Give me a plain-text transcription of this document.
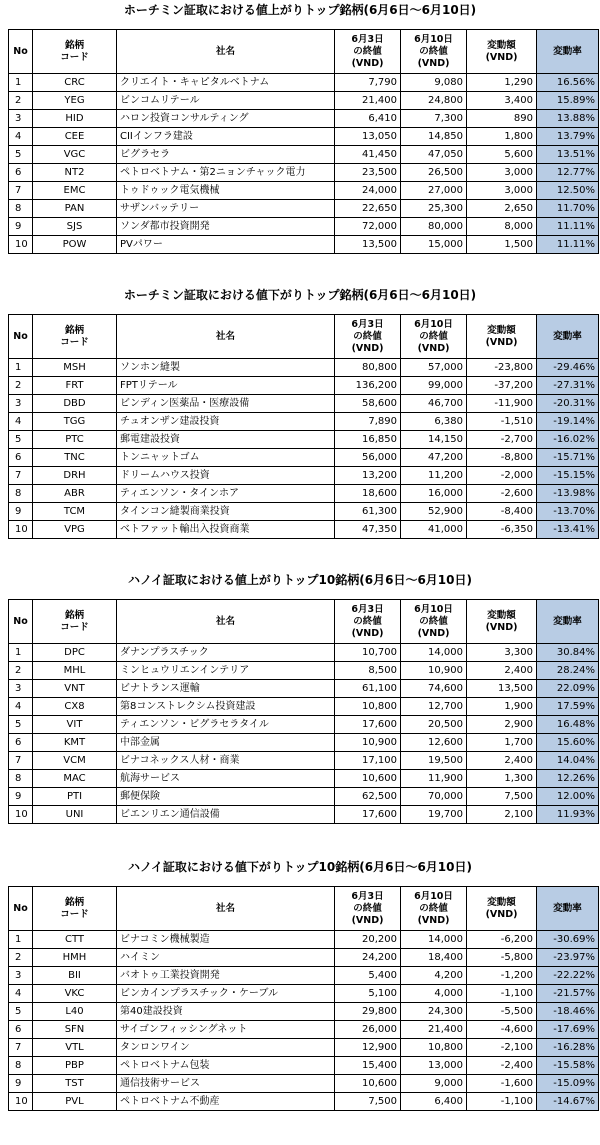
ホーチミン証取における値上がりトップ銘柄(6月6日～6月10日)
No	銘柄
コード	社名	6月3日
の終値
(VND)	6月10日
の終値
(VND)	変動額
(VND)	変動率
1	CRC	クリエイト・キャピタルベトナム	7,790	9,080	1,290	16.56%
2	YEG	ビンコムリテール	21,400	24,800	3,400	15.89%
3	HID	ハロン投資コンサルティング	6,410	7,300	890	13.88%
4	CEE	CIIインフラ建設	13,050	14,850	1,800	13.79%
5	VGC	ビグラセラ	41,450	47,050	5,600	13.51%
6	NT2	ペトロベトナム・第2ニョンチャック電力	23,500	26,500	3,000	12.77%
7	EMC	トゥドゥック電気機械	24,000	27,000	3,000	12.50%
8	PAN	サザンバッテリー	22,650	25,300	2,650	11.70%
9	SJS	ソンダ都市投資開発	72,000	80,000	8,000	11.11%
10	POW	PVパワー	13,500	15,000	1,500	11.11%
ホーチミン証取における値下がりトップ銘柄(6月6日～6月10日)
No	銘柄
コード	社名	6月3日
の終値
(VND)	6月10日
の終値
(VND)	変動額
(VND)	変動率
1	MSH	ソンホン縫製	80,800	57,000	-23,800	-29.46%
2	FRT	FPTリテール	136,200	99,000	-37,200	-27.31%
3	DBD	ビンディン医薬品・医療設備	58,600	46,700	-11,900	-20.31%
4	TGG	チュオンザン建設投資	7,890	6,380	-1,510	-19.14%
5	PTC	郵電建設投資	16,850	14,150	-2,700	-16.02%
6	TNC	トンニャットゴム	56,000	47,200	-8,800	-15.71%
7	DRH	ドリームハウス投資	13,200	11,200	-2,000	-15.15%
8	ABR	ティエンソン・タインホア	18,600	16,000	-2,600	-13.98%
9	TCM	タインコン縫製商業投資	61,300	52,900	-8,400	-13.70%
10	VPG	ベトファット輸出入投資商業	47,350	41,000	-6,350	-13.41%
ハノイ証取における値上がりトップ10銘柄(6月6日～6月10日)
No	銘柄
コード	社名	6月3日
の終値
(VND)	6月10日
の終値
(VND)	変動額
(VND)	変動率
1	DPC	ダナンプラスチック	10,700	14,000	3,300	30.84%
2	MHL	ミンヒュウリエンインテリア	8,500	10,900	2,400	28.24%
3	VNT	ビナトランス運輸	61,100	74,600	13,500	22.09%
4	CX8	第8コンストレクシム投資建設	10,800	12,700	1,900	17.59%
5	VIT	ティエンソン・ビグラセラタイル	17,600	20,500	2,900	16.48%
6	KMT	中部金属	10,900	12,600	1,700	15.60%
7	VCM	ビナコネックス人材・商業	17,100	19,500	2,400	14.04%
8	MAC	航海サービス	10,600	11,900	1,300	12.26%
9	PTI	郵便保険	62,500	70,000	7,500	12.00%
10	UNI	ビエンリエン通信設備	17,600	19,700	2,100	11.93%
ハノイ証取における値下がりトップ10銘柄(6月6日～6月10日)
No	銘柄
コード	社名	6月3日
の終値
(VND)	6月10日
の終値
(VND)	変動額
(VND)	変動率
1	CTT	ビナコミン機械製造	20,200	14,000	-6,200	-30.69%
2	HMH	ハイミン	24,200	18,400	-5,800	-23.97%
3	BII	バオトゥ工業投資開発	5,400	4,200	-1,200	-22.22%
4	VKC	ビンカインプラスチック・ケーブル	5,100	4,000	-1,100	-21.57%
5	L40	第40建設投資	29,800	24,300	-5,500	-18.46%
6	SFN	サイゴンフィッシングネット	26,000	21,400	-4,600	-17.69%
7	VTL	タンロンワイン	12,900	10,800	-2,100	-16.28%
8	PBP	ペトロベトナム包装	15,400	13,000	-2,400	-15.58%
9	TST	通信技術サービス	10,600	9,000	-1,600	-15.09%
10	PVL	ペトロベトナム不動産	7,500	6,400	-1,100	-14.67%
